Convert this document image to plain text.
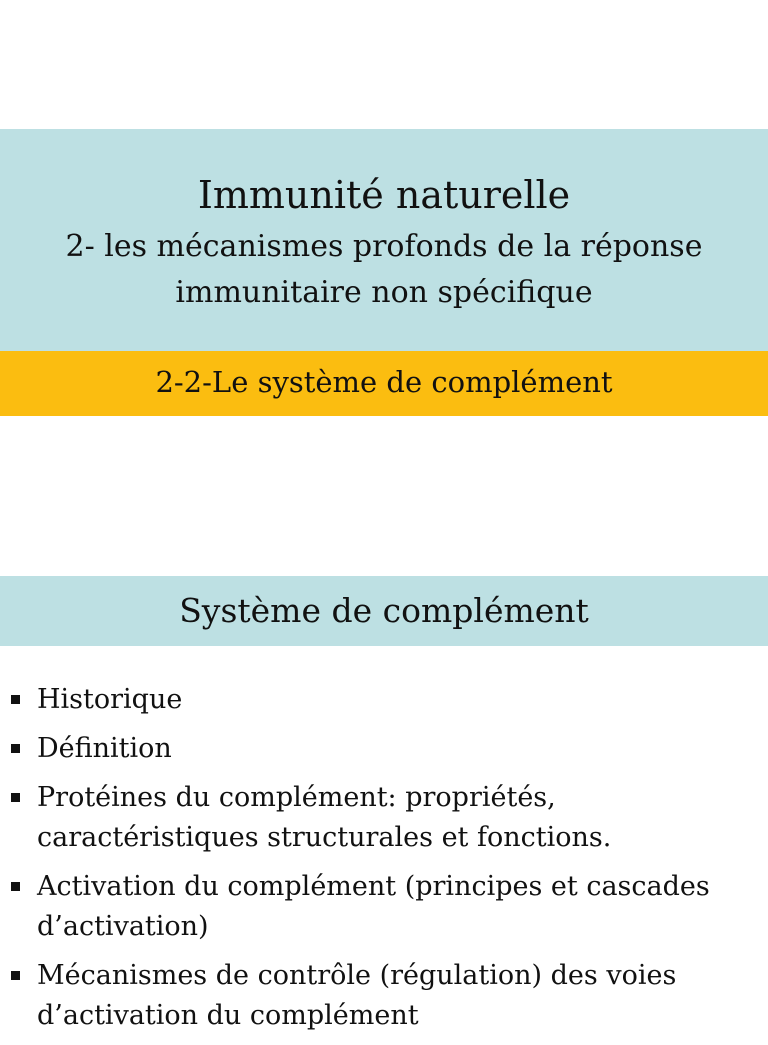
Immunité naturelle
2- les mécanismes profonds de la réponse immunitaire non spécifique
2-2-Le système de complément
Système de complément
Historique
Définition
Protéines du complément: propriétés, caractéristiques structurales et fonctions.
Activation du complément (principes et cascades d’activation)
Mécanismes de contrôle (régulation) des voies d’activation du complément
